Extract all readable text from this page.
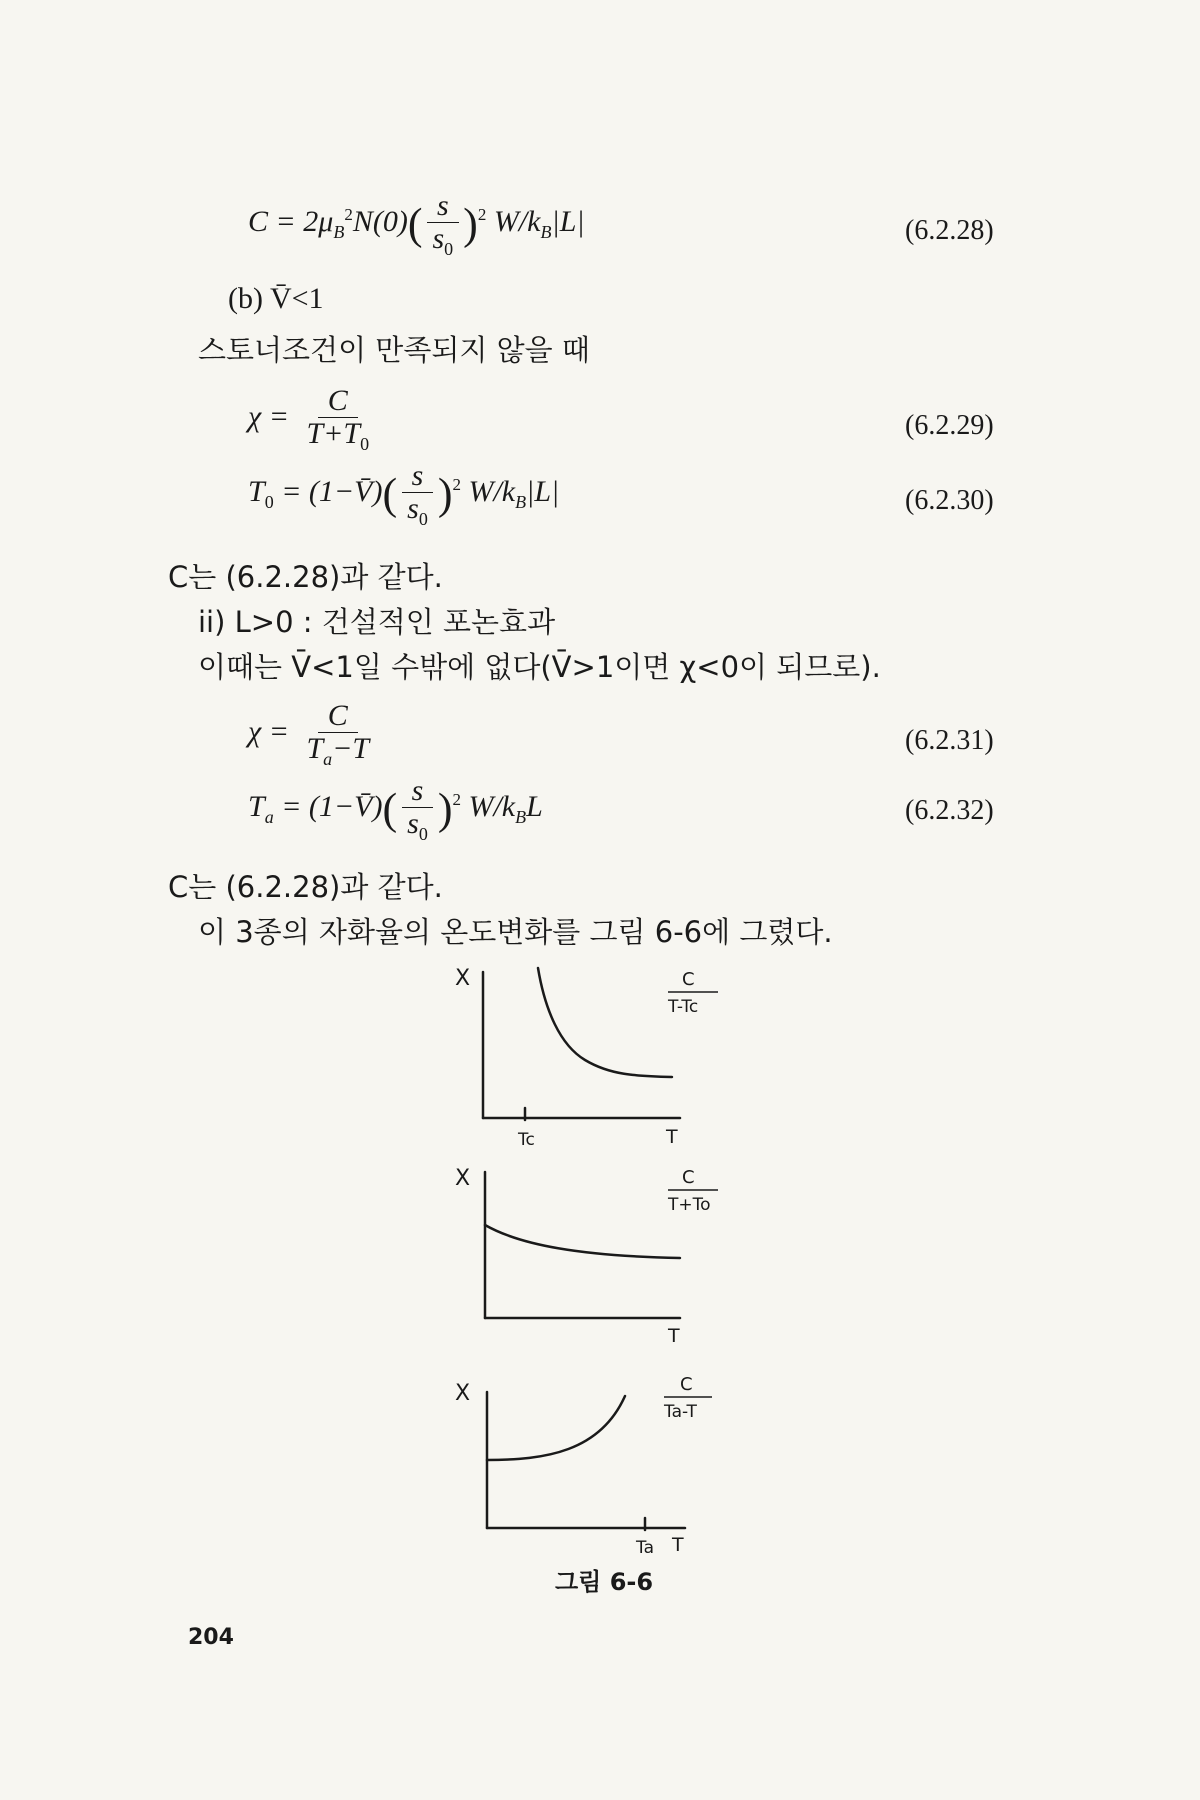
$C = 2\mu_B^2N(0)( \frac{s}{s_0} )^2$ $W/k_B|L|$	(6.2.28)
(b) V̄<1
스토너조건이 만족되지 않을 때
$\chi = \frac{C}{T+T_0}$	(6.2.29)
$T_0$ = (1−V̄)( $\frac{s}{s_0} )^2$ $W/k_B|L|$	(6.2.30)
C는 (6.2.28)과 같다.
ii) L>0 : 건설적인 포논효과
이때는 V̄<1일 수밖에 없다(V̄>1이면 χ<0이 되므로).
$\chi = \frac{C}{T_a-T}$	(6.2.31)
$T_a$ = (1−V̄)( $\frac{s}{s_0} )^2$ $W/k_BL$	(6.2.32)
C는 (6.2.28)과 같다.
이 3종의 자화율의 온도변화를 그림 6-6에 그렸다.
X
Tc	T
C
T-Tc
X
T
C
T+To
X
Ta T
C
Ta-T
그림 6-6
204
